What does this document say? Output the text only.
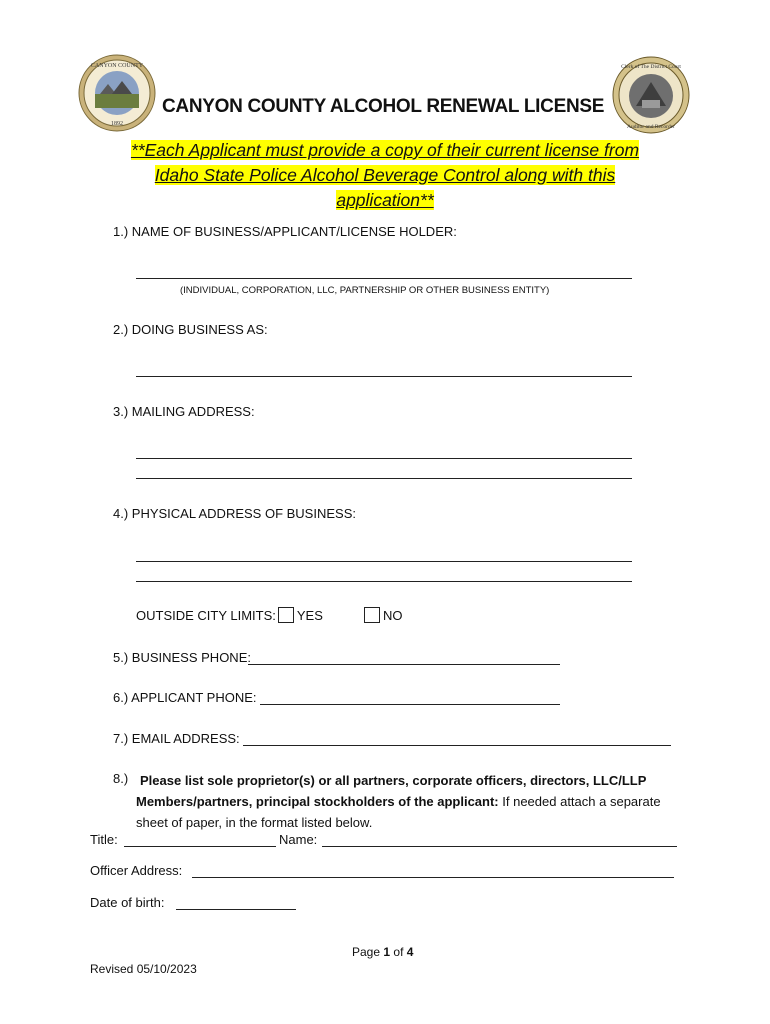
CANYON COUNTY
1892
Clerk of The District Court
Auditor and Recorder
CANYON COUNTY ALCOHOL RENEWAL LICENSE
**Each Applicant must provide a copy of their current license from
Idaho State Police Alcohol Beverage Control along with this
application**
1.) NAME OF BUSINESS/APPLICANT/LICENSE HOLDER:
(INDIVIDUAL, CORPORATION, LLC, PARTNERSHIP OR OTHER BUSINESS ENTITY)
2.) DOING BUSINESS AS:
3.) MAILING ADDRESS:
4.) PHYSICAL ADDRESS OF BUSINESS:
OUTSIDE CITY LIMITS: YES	NO
5.) BUSINESS PHONE:
6.) APPLICANT PHONE:
7.) EMAIL ADDRESS:
8.) Please list sole proprietor(s) or all partners, corporate officers, directors, LLC/LLP
Members/partners, principal stockholders of the applicant: If needed attach a separate
sheet of paper, in the format listed below.
Title:	Name:
Officer Address:
Date of birth:
Page 1 of 4
Revised 05/10/2023
